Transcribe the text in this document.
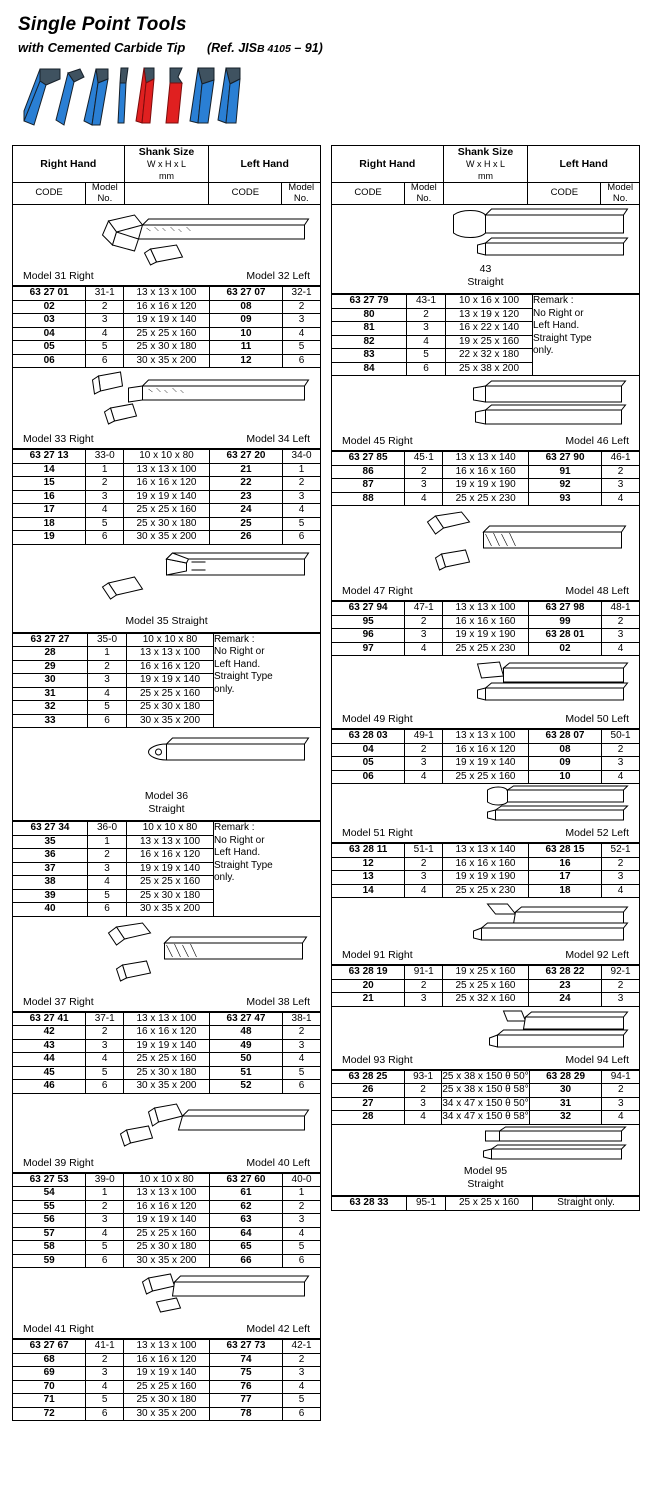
Single Point Tools
with Cemented Carbide Tip (Ref. JISB 4105 – 91)
Right Hand		Shank Size
W x H x L
mm	Left Hand	
CODE	Model
No.		CODE	Model
No.
Model 31 Right	Model 32 Left
63 27 01	31-1	13 x 13 x 100	63 27 07	32-1
02	2	16 x 16 x 120	08	2
03	3	19 x 19 x 140	09	3
04	4	25 x 25 x 160	10	4
05	5	25 x 30 x 180	11	5
06	6	30 x 35 x 200	12	6
Model 33 Right	Model 34 Left
63 27 13	33-0	10 x 10 x 80	63 27 20	34-0
14	1	13 x 13 x 100	21	1
15	2	16 x 16 x 120	22	2
16	3	19 x 19 x 140	23	3
17	4	25 x 25 x 160	24	4
18	5	25 x 30 x 180	25	5
19	6	30 x 35 x 200	26	6
Model 35 Straight
63 27 27	35-0	10 x 10 x 80	Remark :
No Right or
Left Hand.
Straight Type
only.
28	1	13 x 13 x 100	
29	2	16 x 16 x 120	
30	3	19 x 19 x 140	
31	4	25 x 25 x 160	
32	5	25 x 30 x 180	
33	6	30 x 35 x 200	
Model 36
Straight
63 27 34	36-0	10 x 10 x 80	Remark :
No Right or
Left Hand.
Straight Type
only.
35	1	13 x 13 x 100	
36	2	16 x 16 x 120	
37	3	19 x 19 x 140	
38	4	25 x 25 x 160	
39	5	25 x 30 x 180	
40	6	30 x 35 x 200	
Model 37 Right	Model 38 Left
63 27 41	37-1	13 x 13 x 100	63 27 47	38-1
42	2	16 x 16 x 120	48	2
43	3	19 x 19 x 140	49	3
44	4	25 x 25 x 160	50	4
45	5	25 x 30 x 180	51	5
46	6	30 x 35 x 200	52	6
Model 39 Right	Model 40 Left
63 27 53	39-0	10 x 10 x 80	63 27 60	40-0
54	1	13 x 13 x 100	61	1
55	2	16 x 16 x 120	62	2
56	3	19 x 19 x 140	63	3
57	4	25 x 25 x 160	64	4
58	5	25 x 30 x 180	65	5
59	6	30 x 35 x 200	66	6
Model 41 Right	Model 42 Left
63 27 67	41-1	13 x 13 x 100	63 27 73	42-1
68	2	16 x 16 x 120	74	2
69	3	19 x 19 x 140	75	3
70	4	25 x 25 x 160	76	4
71	5	25 x 30 x 180	77	5
72	6	30 x 35 x 200	78	6
Right Hand		Shank Size
W x H x L
mm	Left Hand	
CODE	Model
No.		CODE	Model
No.
43
Straight
63 27 79	43-1	10 x 16 x 100	Remark :
No Right or
Left Hand.
Straight Type
only.
80	2	13 x 19 x 120	
81	3	16 x 22 x 140	
82	4	19 x 25 x 160	
83	5	22 x 32 x 180	
84	6	25 x 38 x 200	
Model 45 Right	Model 46 Left
63 27 85	45·1	13 x 13 x 140	63 27 90	46-1
86	2	16 x 16 x 160	91	2
87	3	19 x 19 x 190	92	3
88	4	25 x 25 x 230	93	4
Model 47 Right	Model 48 Left
63 27 94	47-1	13 x 13 x 100	63 27 98	48-1
95	2	16 x 16 x 160	99	2
96	3	19 x 19 x 190	63 28 01	3
97	4	25 x 25 x 230	02	4
Model 49 Right	Model 50 Left
63 28 03	49-1	13 x 13 x 100	63 28 07	50-1
04	2	16 x 16 x 120	08	2
05	3	19 x 19 x 140	09	3
06	4	25 x 25 x 160	10	4
Model 51 Right	Model 52 Left
63 28 11	51-1	13 x 13 x 140	63 28 15	52-1
12	2	16 x 16 x 160	16	2
13	3	19 x 19 x 190	17	3
14	4	25 x 25 x 230	18	4
Model 91 Right	Model 92 Left
63 28 19	91-1	19 x 25 x 160	63 28 22	92-1
20	2	25 x 25 x 160	23	2
21	3	25 x 32 x 160	24	3
Model 93 Right	Model 94 Left
63 28 25	93-1	25 x 38 x 150 θ 50°	63 28 29	94-1
26	2	25 x 38 x 150 θ 58°	30	2
27	3	34 x 47 x 150 θ 50°	31	3
28	4	34 x 47 x 150 θ 58°	32	4
Model 95
Straight
63 28 33	95-1	25 x 25 x 160	Straight only.
